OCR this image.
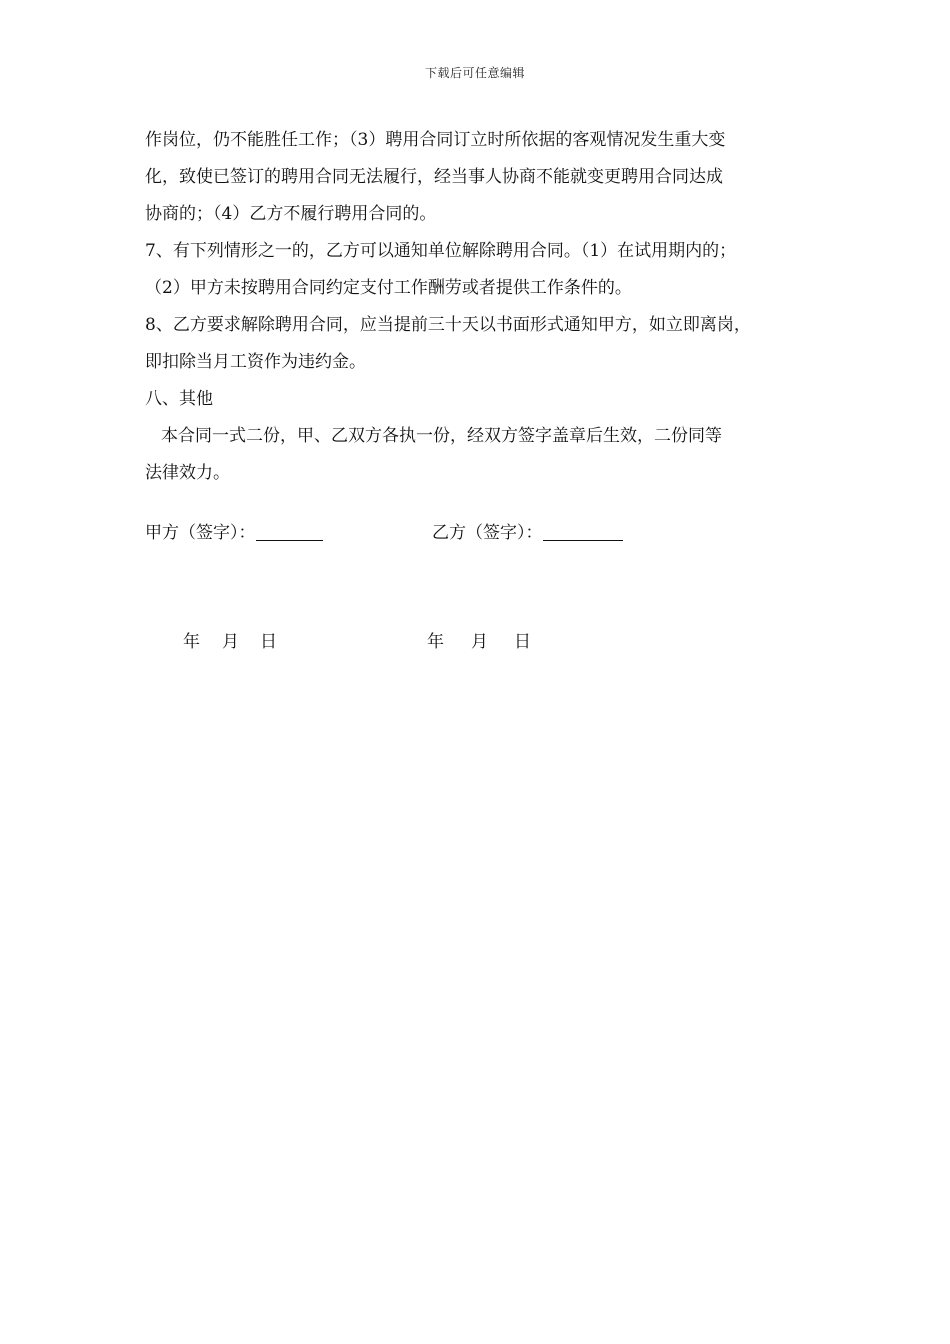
下载后可任意编辑

作岗位，仍不能胜任工作；（3）聘用合同订立时所依据的客观情况发生重大变

化，致使已签订的聘用合同无法履行，经当事人协商不能就变更聘用合同达成

协商的；（4）乙方不履行聘用合同的。

7、有下列情形之一的，乙方可以通知单位解除聘用合同。（1）在试用期内的；

（2）甲方未按聘用合同约定支付工作酬劳或者提供工作条件的。

8、乙方要求解除聘用合同，应当提前三十天以书面形式通知甲方，如立即离岗，

即扣除当月工资作为违约金。

八、其他

本合同一式二份，甲、乙双方各执一份，经双方签字盖章后生效，二份同等

法律效力。

甲方（签字）：	乙方（签字）：
年 月 日	年 月 日
